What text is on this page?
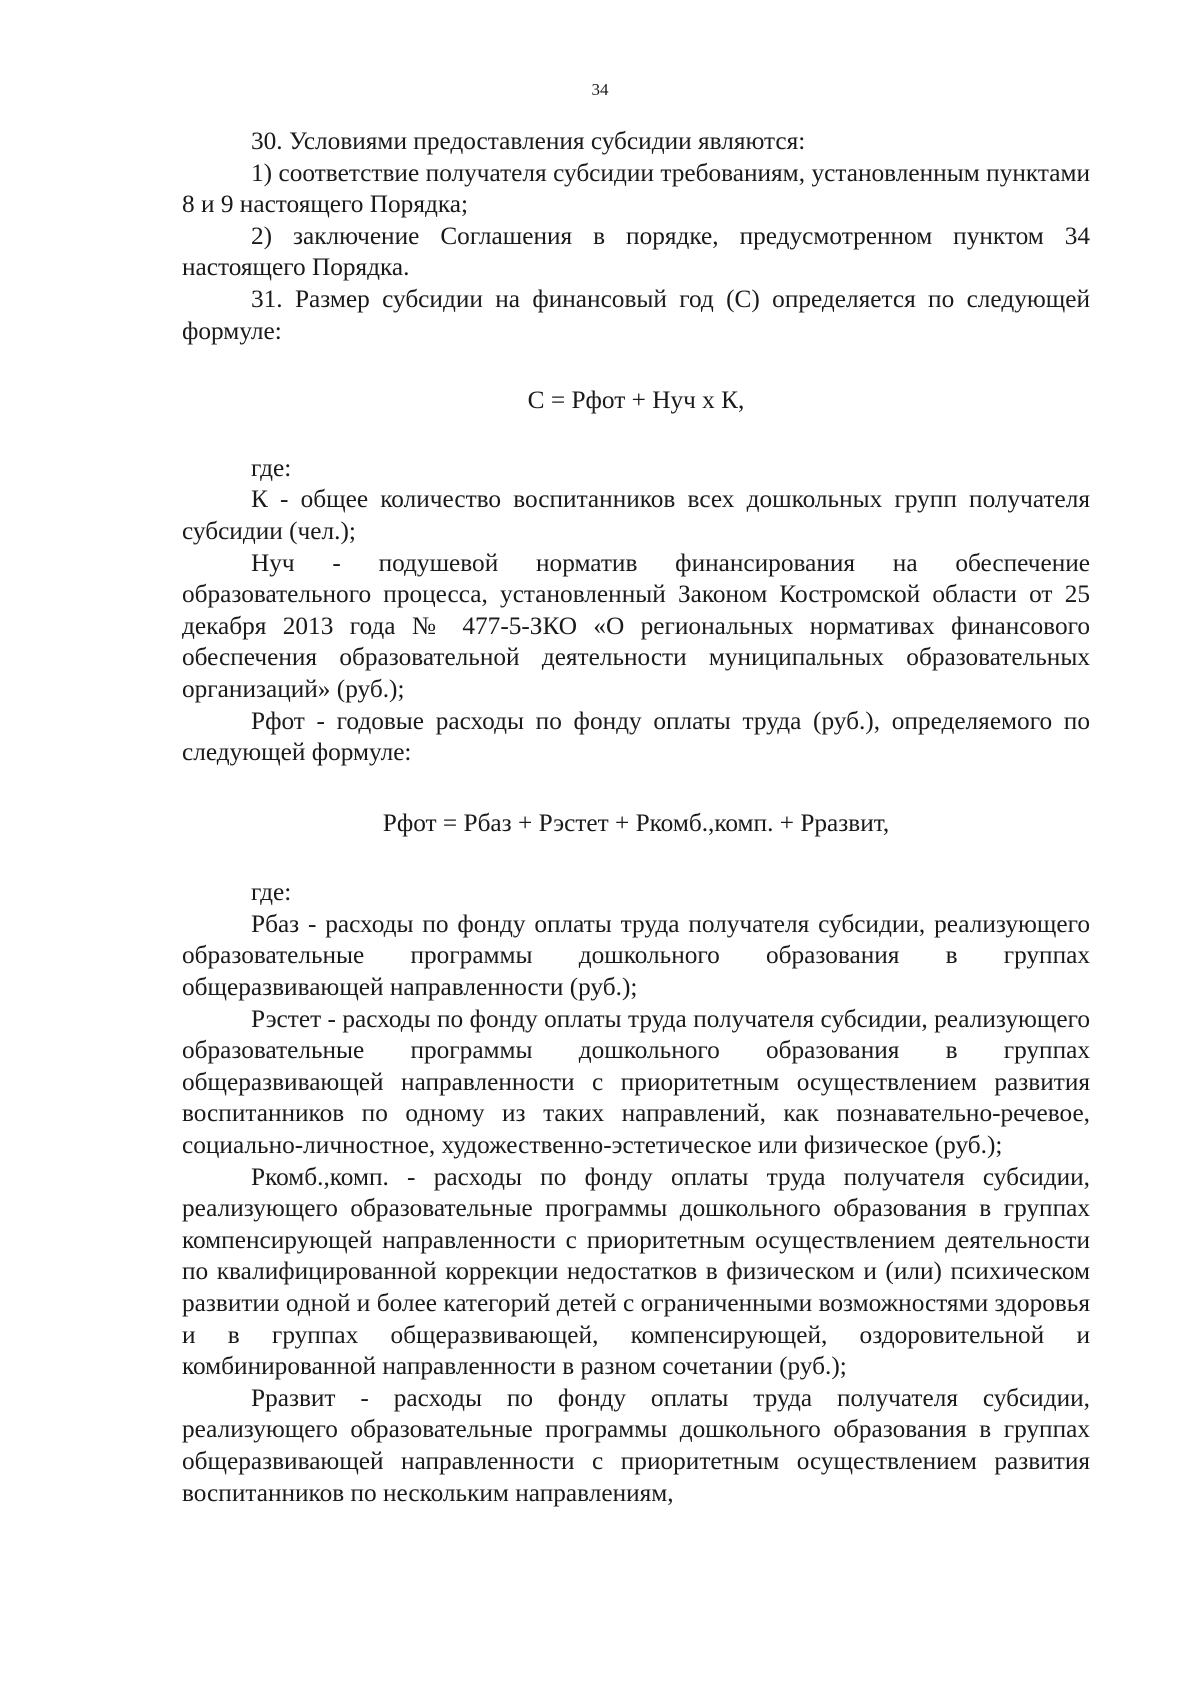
34

30. Условиями предоставления субсидии являются:

1) соответствие получателя субсидии требованиям, установленным пунктами 8 и 9 настоящего Порядка;

2) заключение Соглашения в порядке, предусмотренном пунктом 34 настоящего Порядка.

31. Размер субсидии на финансовый год (С) определяется по следующей формуле:

С = Рфот + Нуч х К,

где:

К - общее количество воспитанников всех дошкольных групп получателя субсидии (чел.);

Нуч - подушевой норматив финансирования на обеспечение образовательного процесса, установленный Законом Костромской области от 25 декабря 2013 года № 477-5-ЗКО «О региональных нормативах финансового обеспечения образовательной деятельности муниципальных образовательных организаций» (руб.);

Рфот - годовые расходы по фонду оплаты труда (руб.), определяемого по следующей формуле:

Рфот = Рбаз + Рэстет + Ркомб.,комп. + Рразвит,

где:

Рбаз - расходы по фонду оплаты труда получателя субсидии, реализующего образовательные программы дошкольного образования в группах общеразвивающей направленности (руб.);

Рэстет - расходы по фонду оплаты труда получателя субсидии, реализующего образовательные программы дошкольного образования в группах общеразвивающей направленности с приоритетным осуществлением развития воспитанников по одному из таких направлений, как познавательно-речевое, социально-личностное, художественно-эстетическое или физическое (руб.);

Ркомб.,комп. - расходы по фонду оплаты труда получателя субсидии, реализующего образовательные программы дошкольного образования в группах компенсирующей направленности с приоритетным осуществлением деятельности по квалифицированной коррекции недостатков в физическом и (или) психическом развитии одной и более категорий детей с ограниченными возможностями здоровья и в группах общеразвивающей, компенсирующей, оздоровительной и комбинированной направленности в разном сочетании (руб.);

Рразвит - расходы по фонду оплаты труда получателя субсидии, реализующего образовательные программы дошкольного образования в группах общеразвивающей направленности с приоритетным осуществлением развития воспитанников по нескольким направлениям,
